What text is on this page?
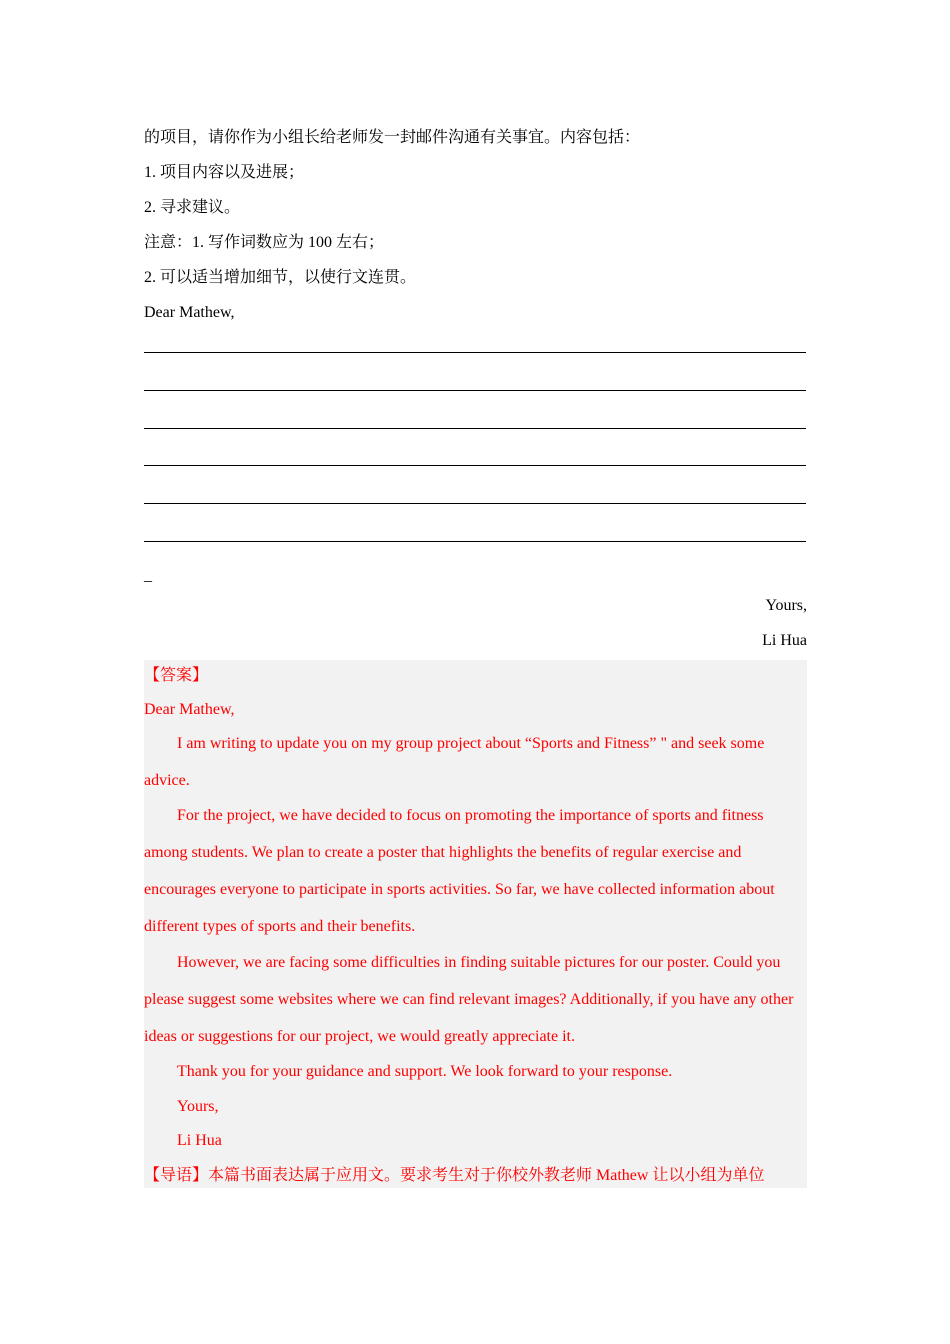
的项目，请你作为小组长给老师发一封邮件沟通有关事宜。内容包括：
1. 项目内容以及进展；
2. 寻求建议。
注意：1. 写作词数应为 100 左右；
2. 可以适当增加细节，以使行文连贯。
Dear Mathew,
_
Yours,
Li Hua
【答案】
Dear Mathew,
I am writing to update you on my group project about “Sports and Fitness” " and seek some advice.
For the project, we have decided to focus on promoting the importance of sports and fitness among students. We plan to create a poster that highlights the benefits of regular exercise and encourages everyone to participate in sports activities. So far, we have collected information about different types of sports and their benefits.
However, we are facing some difficulties in finding suitable pictures for our poster. Could you please suggest some websites where we can find relevant images? Additionally, if you have any other ideas or suggestions for our project, we would greatly appreciate it.
Thank you for your guidance and support. We look forward to your response.
Yours,
Li Hua
【导语】本篇书面表达属于应用文。要求考生对于你校外教老师 Mathew 让以小组为单位
